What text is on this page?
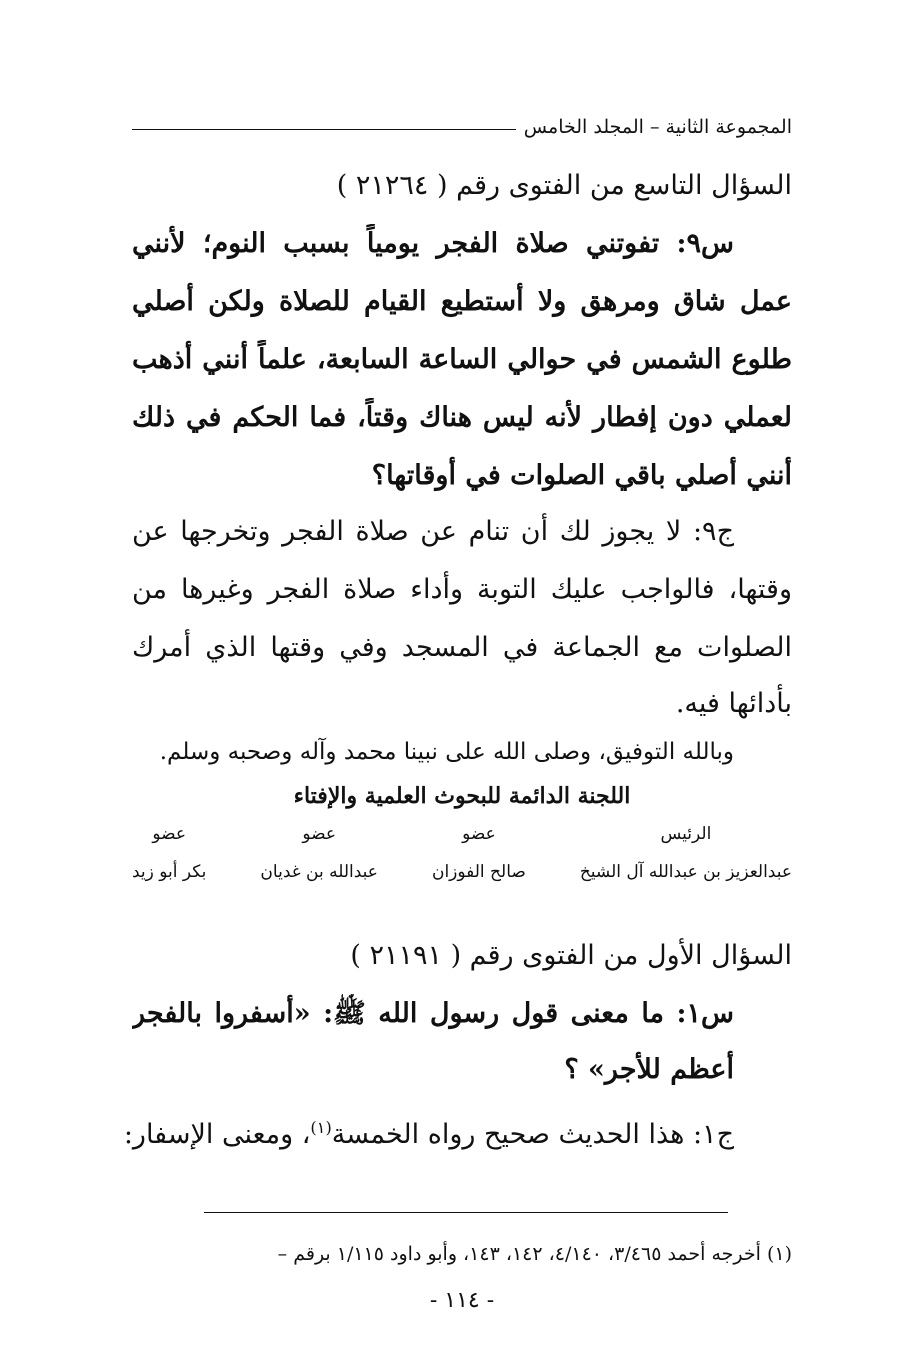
المجموعة الثانية – المجلد الخامس
السؤال التاسع من الفتوى رقم ( ٢١٢٦٤ )
س٩: تفوتني صلاة الفجر يومياً بسبب النوم؛ لأنني
عمل شاق ومرهق ولا أستطيع القيام للصلاة ولكن أصلي
طلوع الشمس في حوالي الساعة السابعة، علماً أنني أذهب
لعملي دون إفطار لأنه ليس هناك وقتاً، فما الحكم في ذلك
أنني أصلي باقي الصلوات في أوقاتها؟
ج٩: لا يجوز لك أن تنام عن صلاة الفجر وتخرجها عن
وقتها، فالواجب عليك التوبة وأداء صلاة الفجر وغيرها من
الصلوات مع الجماعة في المسجد وفي وقتها الذي أمرك
بأدائها فيه.
وبالله التوفيق، وصلى الله على نبينا محمد وآله وصحبه وسلم.
اللجنة الدائمة للبحوث العلمية والإفتاء
الرئيس
عبدالعزيز بن عبدالله آل الشيخ
عضو
صالح الفوزان
عضو
عبدالله بن غديان
عضو
بكر أبو زيد
السؤال الأول من الفتوى رقم ( ٢١١٩١ )
س١: ما معنى قول رسول الله ﷺ: «أسفروا بالفجر
أعظم للأجر» ؟
ج١: هذا الحديث صحيح رواه الخمسة$^{(١)}$، ومعنى الإسفار:
(١) أخرجه أحمد ٣/٤٦٥، ٤/١٤٠، ١٤٢، ١٤٣، وأبو داود ١/١١٥ برقم –
- ١١٤ -
